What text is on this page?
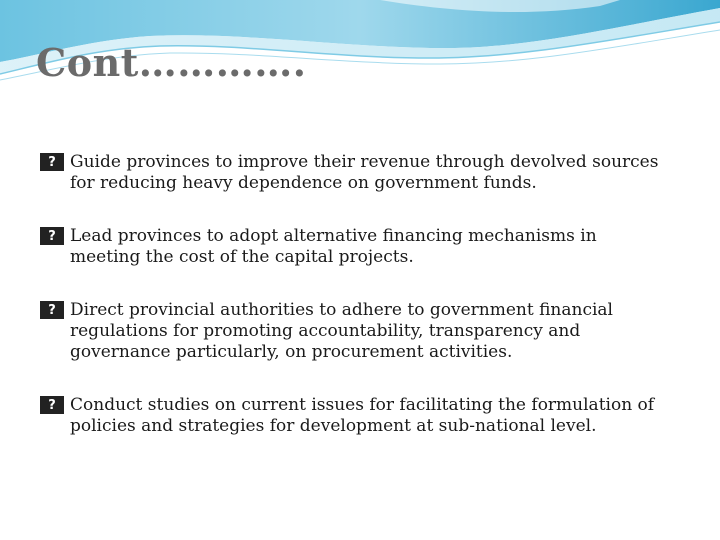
Cont………….
? Guide provinces to improve their revenue through devolved sources for reducing heavy dependence on government funds.
? Lead provinces to adopt alternative financing mechanisms in meeting the cost of the capital projects.
? Direct provincial authorities to adhere to government financial regulations for promoting accountability, transparency and governance particularly, on procurement activities.
? Conduct studies on current issues for facilitating the formulation of policies and strategies for development at sub-national level.
